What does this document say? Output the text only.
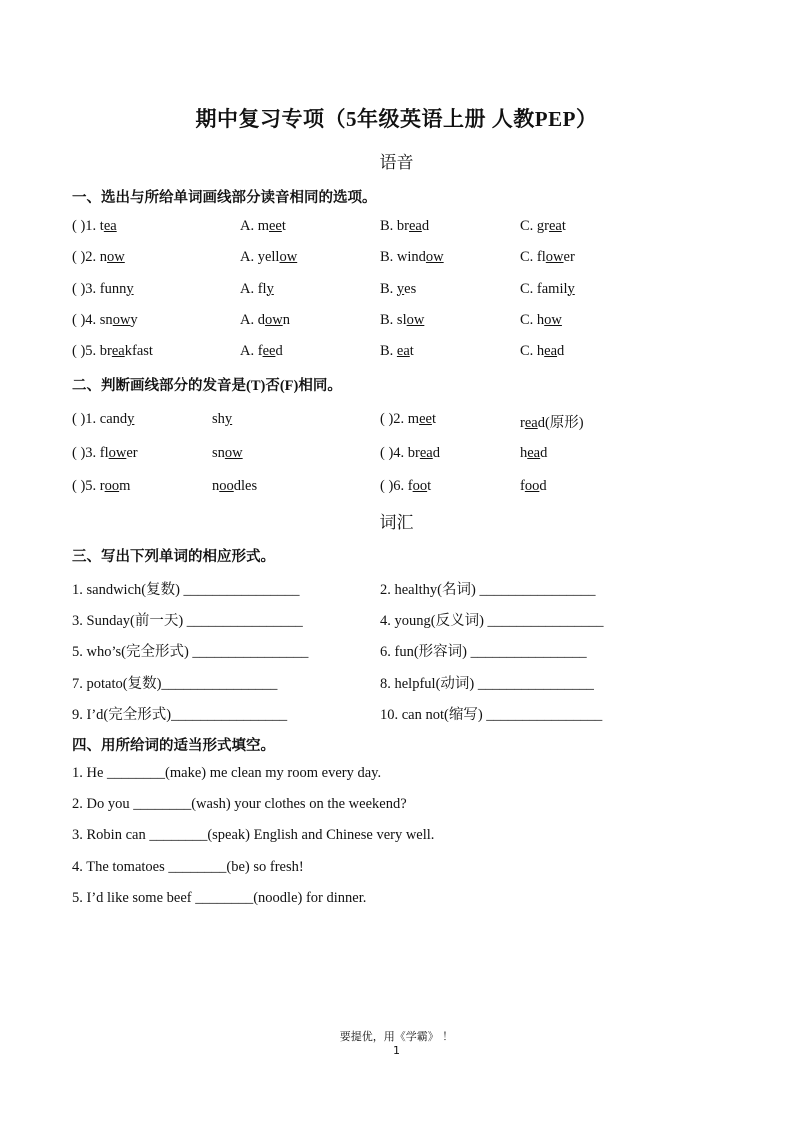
期中复习专项（5年级英语上册 人教PEP）
语音
一、选出与所给单词画线部分读音相同的选项。
( )1. tea	A. meet	B. bread	C. great
( )2. now	A. yellow	B. window	C. flower
( )3. funny	A. fly	B. yes	C. family
( )4. snowy	A. down	B. slow	C. how
( )5. breakfast	A. feed	B. eat	C. head
二、判断画线部分的发音是(T)否(F)相同。
( )1. candy	shy	( )2. meet	read(原形)
( )3. flower	snow	( )4. bread	head
( )5. room	noodles	( )6. foot	food
词汇
三、写出下列单词的相应形式。
1. sandwich(复数) ________________	2. healthy(名词) ________________
3. Sunday(前一天) ________________	4. young(反义词) ________________
5. who’s(完全形式) ________________	6. fun(形容词) ________________
7. potato(复数)________________	8. helpful(动词) ________________
9. I’d(完全形式)________________	10. can not(缩写) ________________
四、用所给词的适当形式填空。
1. He ________(make) me clean my room every day.
2. Do you ________(wash) your clothes on the weekend?
3. Robin can ________(speak) English and Chinese very well.
4. The tomatoes ________(be) so fresh!
5. I’d like some beef ________(noodle) for dinner.
要提优，用《学霸》 ！
1
